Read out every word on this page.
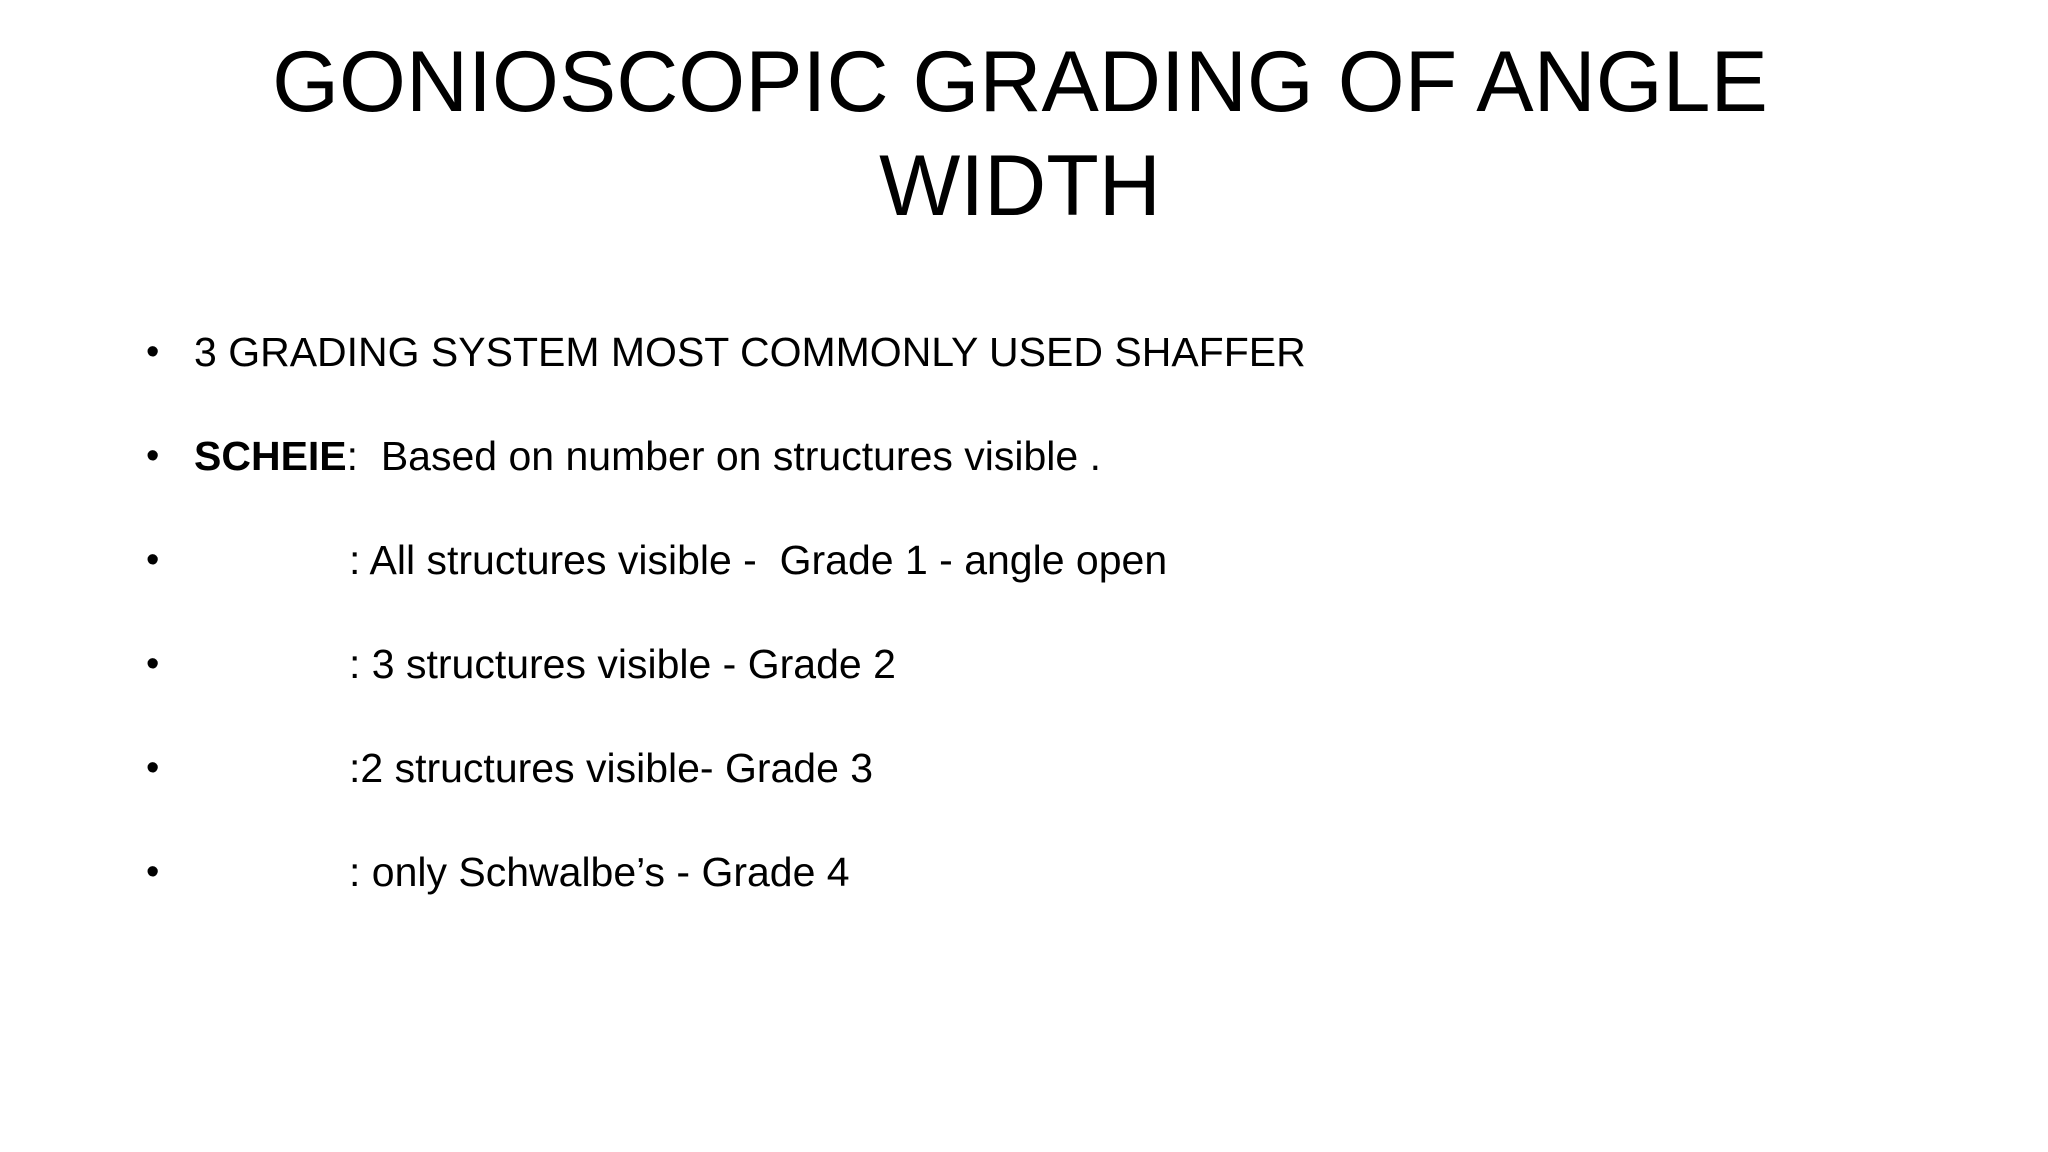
GONIOSCOPIC GRADING OF ANGLE
WIDTH
• 3 GRADING SYSTEM MOST COMMONLY USED SHAFFER
• SCHEIE:  Based on number on structures visible .
•	: All structures visible -  Grade 1 - angle open
•	: 3 structures visible - Grade 2
•	:2 structures visible- Grade 3
•	: only Schwalbe’s - Grade 4
